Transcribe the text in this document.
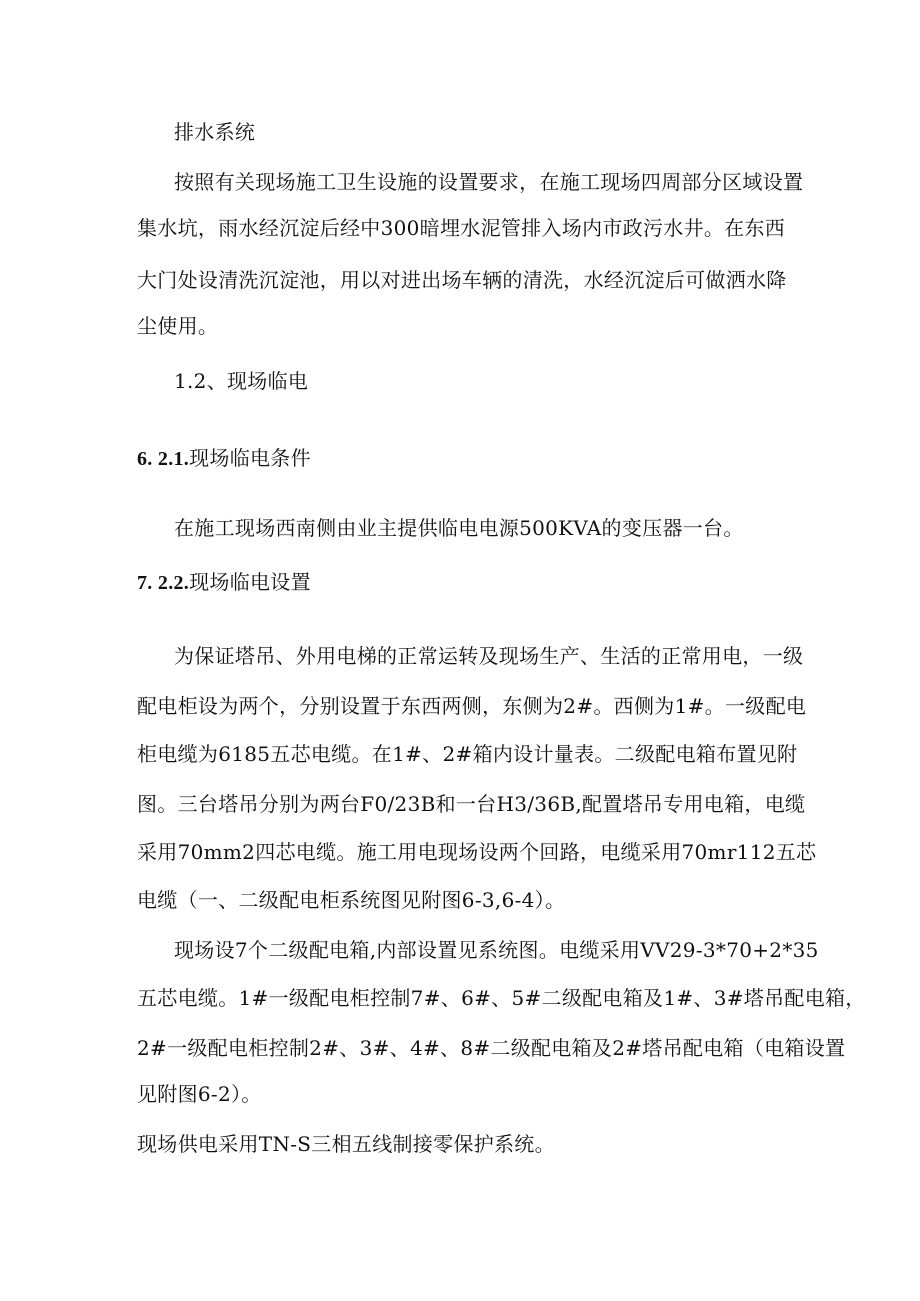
排水系统
按照有关现场施工卫生设施的设置要求，在施工现场四周部分区域设置
集水坑，雨水经沉淀后经中300暗埋水泥管排入场内市政污水井。在东西
大门处设清洗沉淀池，用以对进出场车辆的清洗，水经沉淀后可做洒水降
尘使用。
1.2、现场临电
6. 2.1.现场临电条件
在施工现场西南侧由业主提供临电电源500KVA的变压器一台。
7. 2.2.现场临电设置
为保证塔吊、外用电梯的正常运转及现场生产、生活的正常用电，一级
配电柜设为两个，分别设置于东西两侧，东侧为2#。西侧为1#。一级配电
柜电缆为6185五芯电缆。在1#、2#箱内设计量表。二级配电箱布置见附
图。三台塔吊分别为两台F0/23B和一台H3/36B,配置塔吊专用电箱，电缆
采用70mm2四芯电缆。施工用电现场设两个回路，电缆采用70mr112五芯
电缆（一、二级配电柜系统图见附图6-3,6-4）。
现场设7个二级配电箱,内部设置见系统图。电缆采用VV29-3*70+2*35
五芯电缆。1#一级配电柜控制7#、6#、5#二级配电箱及1#、3#塔吊配电箱，
2#一级配电柜控制2#、3#、4#、8#二级配电箱及2#塔吊配电箱（电箱设置
见附图6-2）。
现场供电采用TN-S三相五线制接零保护系统。
